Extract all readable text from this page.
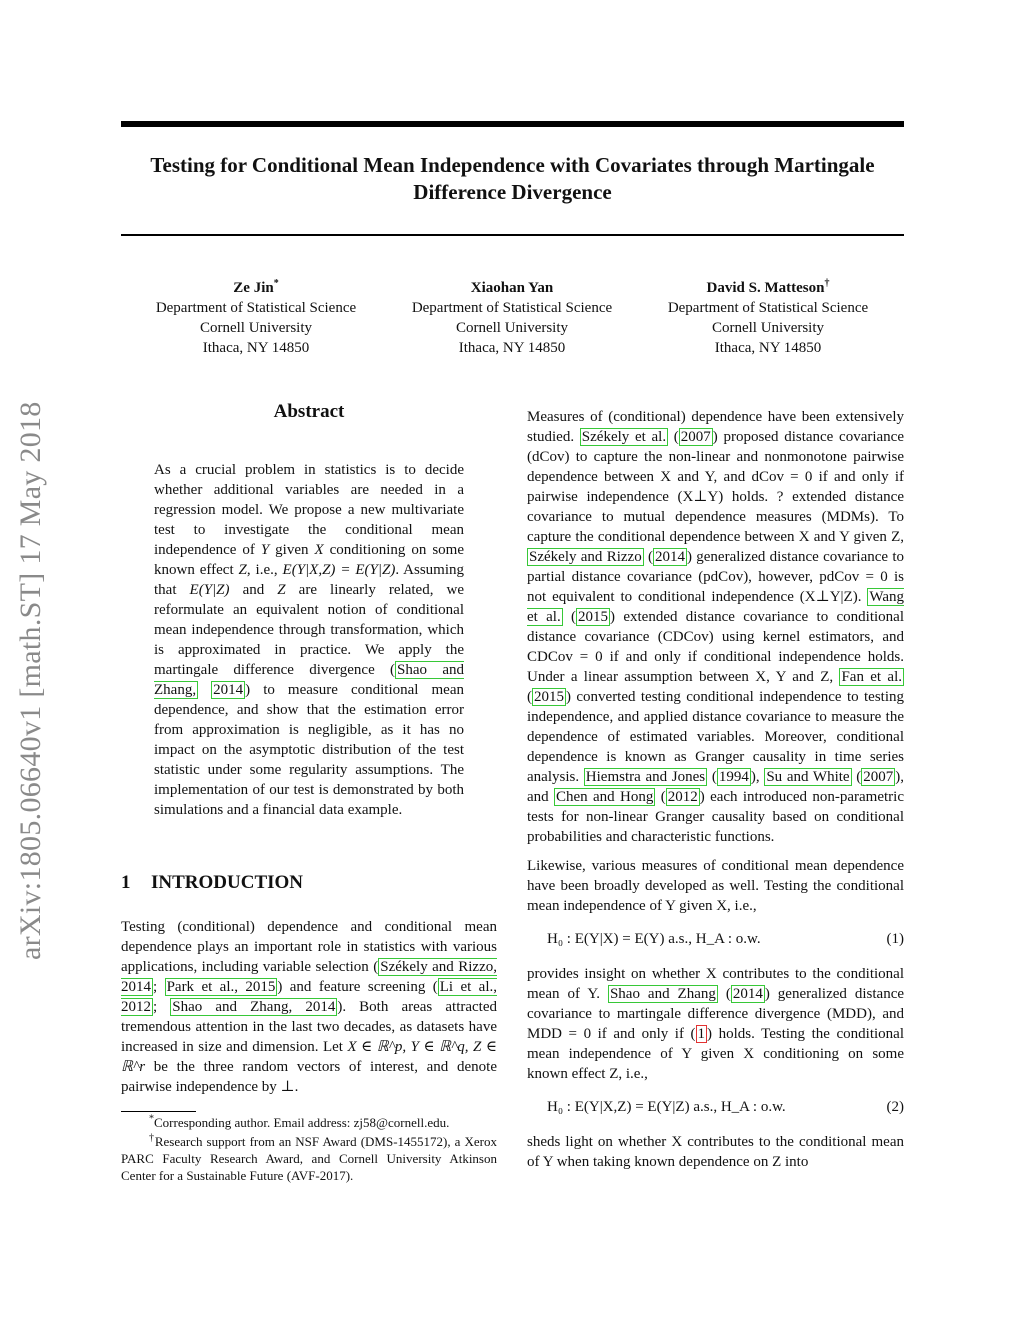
Testing for Conditional Mean Independence with Covariates through Martingale Difference Divergence
Ze Jin*
Department of Statistical Science
Cornell University
Ithaca, NY 14850
Xiaohan Yan
Department of Statistical Science
Cornell University
Ithaca, NY 14850
David S. Matteson†
Department of Statistical Science
Cornell University
Ithaca, NY 14850
arXiv:1805.06640v1 [math.ST] 17 May 2018	Abstract
As a crucial problem in statistics is to decide whether additional variables are needed in a regression model. We propose a new multivariate test to investigate the conditional mean independence of Y given X conditioning on some known effect Z, i.e., E(Y|X,Z) = E(Y|Z). Assuming that E(Y|Z) and Z are linearly related, we reformulate an equivalent notion of conditional mean independence through transformation, which is approximated in practice. We apply the martingale difference divergence ( Shao and Zhang, 2014 ) to measure conditional mean dependence, and show that the estimation error from approximation is negligible, as it has no impact on the asymptotic distribution of the test statistic under some regularity assumptions. The implementation of our test is demonstrated by both simulations and a financial data example.
1 INTRODUCTION

Testing (conditional) dependence and conditional mean dependence plays an important role in statistics with various applications, including variable selection ( Székely and Rizzo, 2014 ; Park et al., 2015 ) and feature screening ( Li et al., 2012 ; Shao and Zhang, 2014 ). Both areas attracted tremendous attention in the last two decades, as datasets have increased in size and dimension. Let X ∈ ℝ^p, Y ∈ ℝ^q, Z ∈ ℝ^r be the three random vectors of interest, and denote pairwise independence by ⊥.

*Corresponding author. Email address: zj58@cornell.edu.
†Research support from an NSF Award (DMS-1455172), a Xerox PARC Faculty Research Award, and Cornell University Atkinson Center for a Sustainable Future (AVF-2017).

Measures of (conditional) dependence have been extensively studied. Székely et al. ( 2007 ) proposed distance covariance (dCov) to capture the non-linear and nonmonotone pairwise dependence between X and Y, and dCov = 0 if and only if pairwise independence (X⊥Y) holds. ? extended distance covariance to mutual dependence measures (MDMs). To capture the conditional dependence between X and Y given Z, Székely and Rizzo ( 2014 ) generalized distance covariance to partial distance covariance (pdCov), however, pdCov = 0 is not equivalent to conditional independence (X⊥Y|Z). Wang et al. ( 2015 ) extended distance covariance to conditional distance covariance (CDCov) using kernel estimators, and CDCov = 0 if and only if conditional independence holds. Under a linear assumption between X, Y and Z, Fan et al. ( 2015 ) converted testing conditional independence to testing independence, and applied distance covariance to measure the dependence of estimated variables. Moreover, conditional dependence is known as Granger causality in time series analysis. Hiemstra and Jones ( 1994 ), Su and White ( 2007 ), and Chen and Hong ( 2012 ) each introduced non-parametric tests for non-linear Granger causality based on conditional probabilities and characteristic functions.

Likewise, various measures of conditional mean dependence have been broadly developed as well. Testing the conditional mean independence of Y given X, i.e.,

H₀ : E(Y|X) = E(Y) a.s., H_A : o.w.	(1)

provides insight on whether X contributes to the conditional mean of Y. Shao and Zhang ( 2014 ) generalized distance covariance to martingale difference divergence (MDD), and MDD = 0 if and only if ( 1 ) holds. Testing the conditional mean independence of Y given X conditioning on some known effect Z, i.e.,

H₀ : E(Y|X,Z) = E(Y|Z) a.s., H_A : o.w.	(2)

sheds light on whether X contributes to the conditional mean of Y when taking known dependence on Z into
